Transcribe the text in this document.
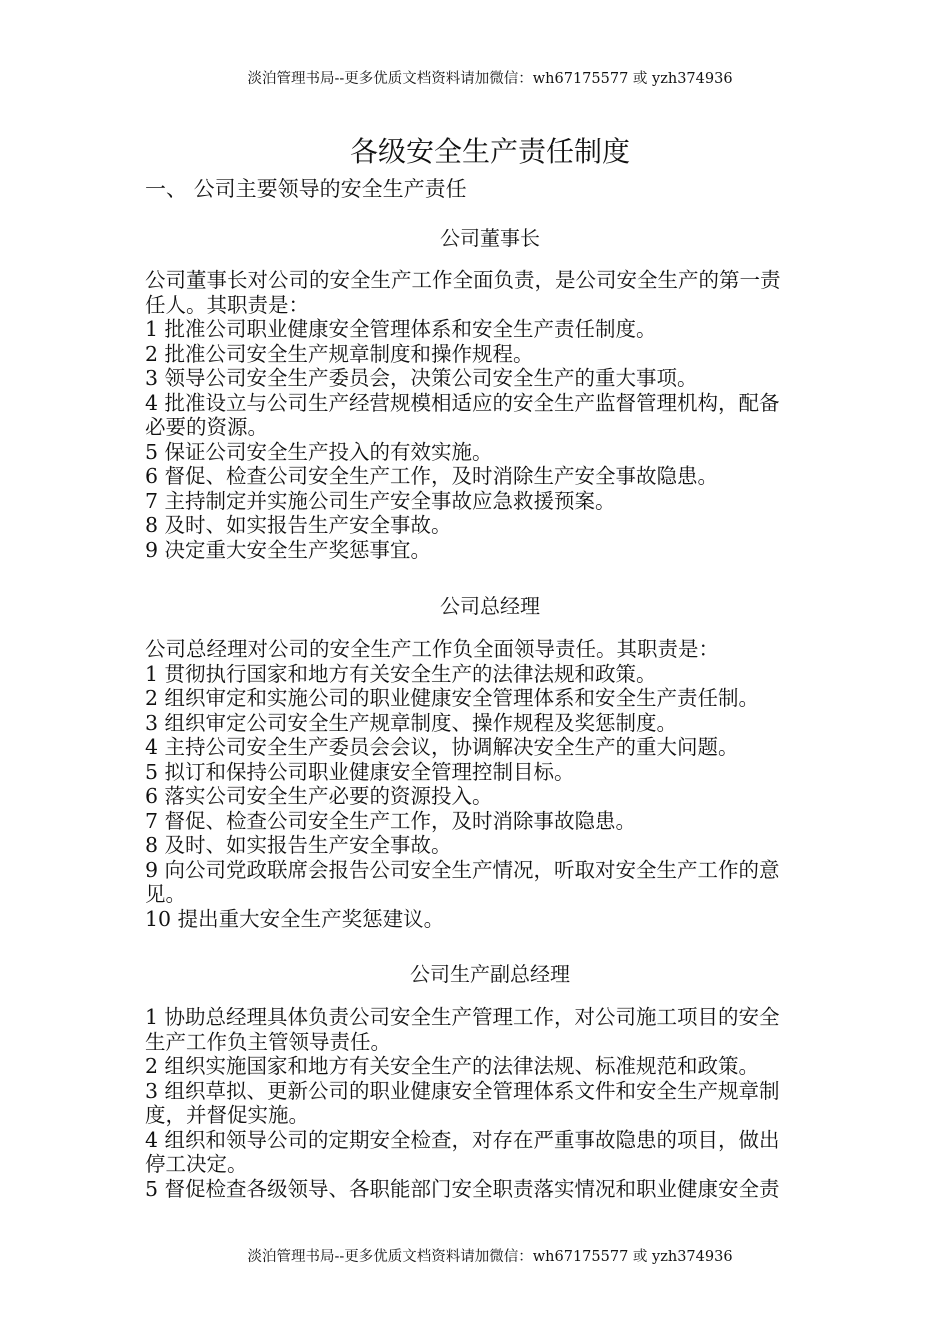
淡泊管理书局--更多优质文档资料请加微信：wh67175577 或 yzh374936
各级安全生产责任制度
一、 公司主要领导的安全生产责任
公司董事长
公司董事长对公司的安全生产工作全面负责，是公司安全生产的第一责
任人。其职责是：
1 批准公司职业健康安全管理体系和安全生产责任制度。
2 批准公司安全生产规章制度和操作规程。
3 领导公司安全生产委员会，决策公司安全生产的重大事项。
4 批准设立与公司生产经营规模相适应的安全生产监督管理机构，配备
必要的资源。
5 保证公司安全生产投入的有效实施。
6 督促、检查公司安全生产工作，及时消除生产安全事故隐患。
7 主持制定并实施公司生产安全事故应急救援预案。
8 及时、如实报告生产安全事故。
9 决定重大安全生产奖惩事宜。
公司总经理
公司总经理对公司的安全生产工作负全面领导责任。其职责是：
1 贯彻执行国家和地方有关安全生产的法律法规和政策。
2 组织审定和实施公司的职业健康安全管理体系和安全生产责任制。
3 组织审定公司安全生产规章制度、操作规程及奖惩制度。
4 主持公司安全生产委员会会议，协调解决安全生产的重大问题。
5 拟订和保持公司职业健康安全管理控制目标。
6 落实公司安全生产必要的资源投入。
7 督促、检查公司安全生产工作，及时消除事故隐患。
8 及时、如实报告生产安全事故。
9 向公司党政联席会报告公司安全生产情况，听取对安全生产工作的意
见。
10 提出重大安全生产奖惩建议。
公司生产副总经理
1 协助总经理具体负责公司安全生产管理工作，对公司施工项目的安全
生产工作负主管领导责任。
2 组织实施国家和地方有关安全生产的法律法规、标准规范和政策。
3 组织草拟、更新公司的职业健康安全管理体系文件和安全生产规章制
度，并督促实施。
4 组织和领导公司的定期安全检查，对存在严重事故隐患的项目，做出
停工决定。
5 督促检查各级领导、各职能部门安全职责落实情况和职业健康安全责
淡泊管理书局--更多优质文档资料请加微信：wh67175577 或 yzh374936
